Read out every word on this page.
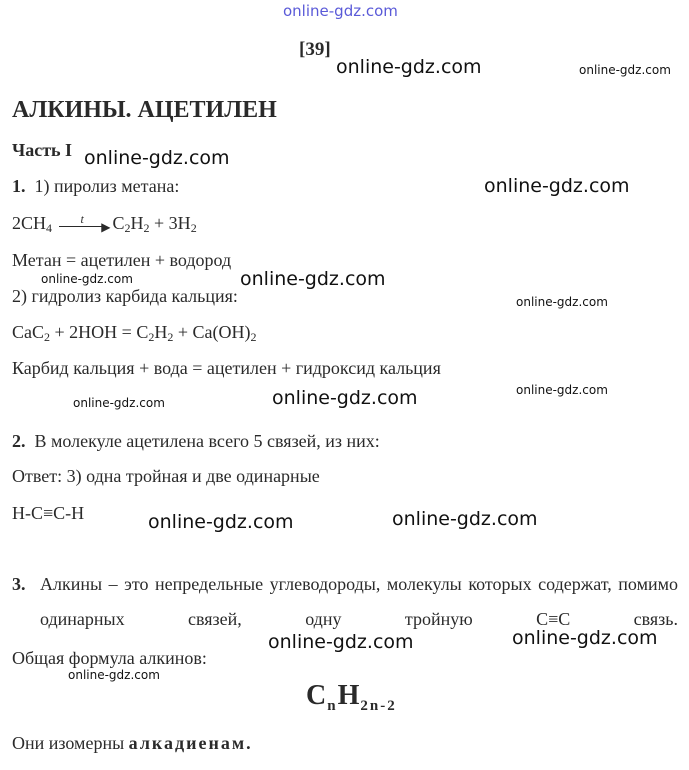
online-gdz.com
[39]
АЛКИНЫ. АЦЕТИЛЕН
Часть I
1. 1) пиролиз метана:
$2CH_4$
t
▶ $C_2H_2 + 3H_2$
Метан = ацетилен + водород
2) гидролиз карбида кальция:
$CaC_2 + 2HOH = C_2H_2 + Ca(OH)_2$
Карбид кальция + вода = ацетилен + гидроксид кальция
2. В молекуле ацетилена всего 5 связей, из них:
Ответ: 3) одна тройная и две одинарные
H-C≡C-H
3. Алкины – это непредельные углеводороды, молекулы которых содержат, помимо одинарных связей, одну тройную C≡C связь.
Общая формула алкинов:
$C_nH_{2n-2}$
Они изомерны алкадиенам.
online-gdz.com	online-gdz.com
online-gdz.com
online-gdz.com
online-gdz.com	online-gdz.com
online-gdz.com
online-gdz.com
online-gdz.com
online-gdz.com
online-gdz.com	online-gdz.com
online-gdz.com	online-gdz.com
online-gdz.com
